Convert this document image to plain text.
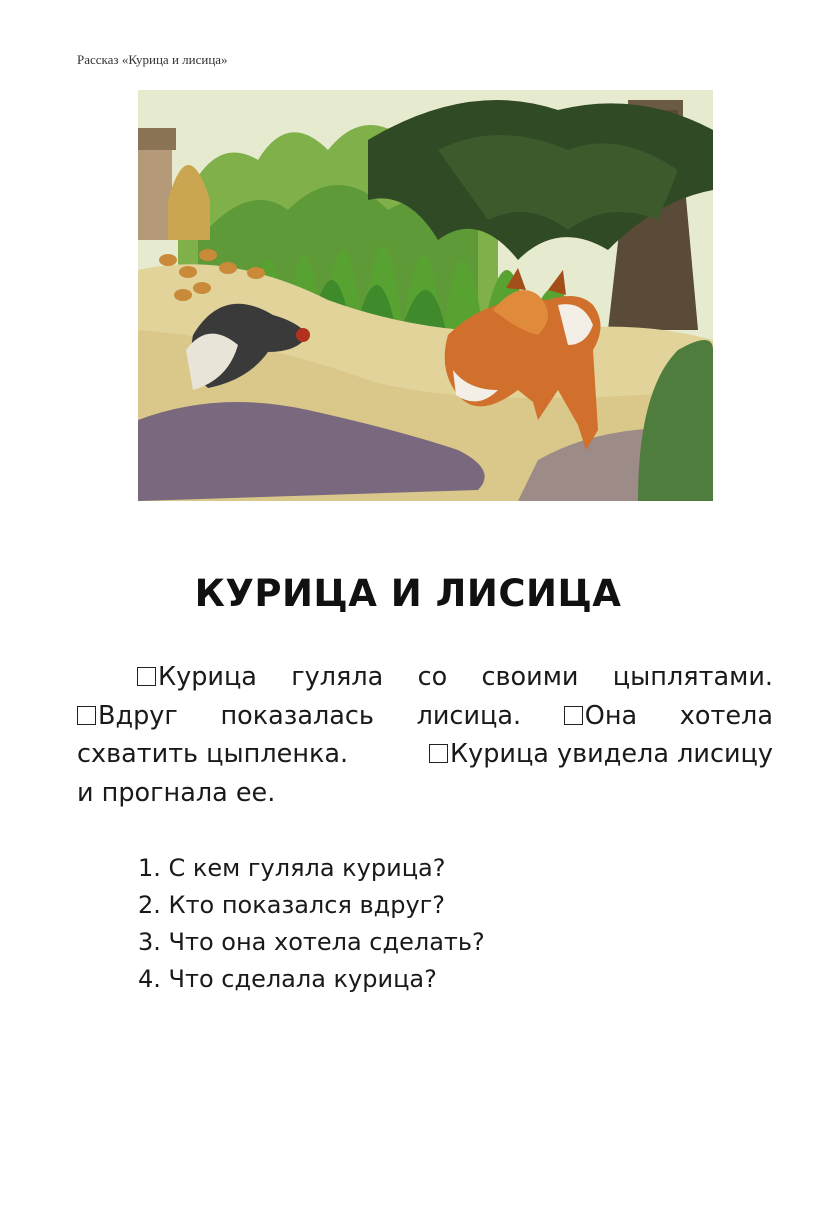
Рассказ «Курица и лисица»
КУРИЦА И ЛИСИЦА
Курица гуляла со своими цыплятами.
Вдруг показалась лисица.	Она хотела
схватить цыпленка.	Курица увидела лисицу
и прогнала ее.
1. С кем гуляла курица?
2. Кто показался вдруг?
3. Что она хотела сделать?
4. Что сделала курица?
